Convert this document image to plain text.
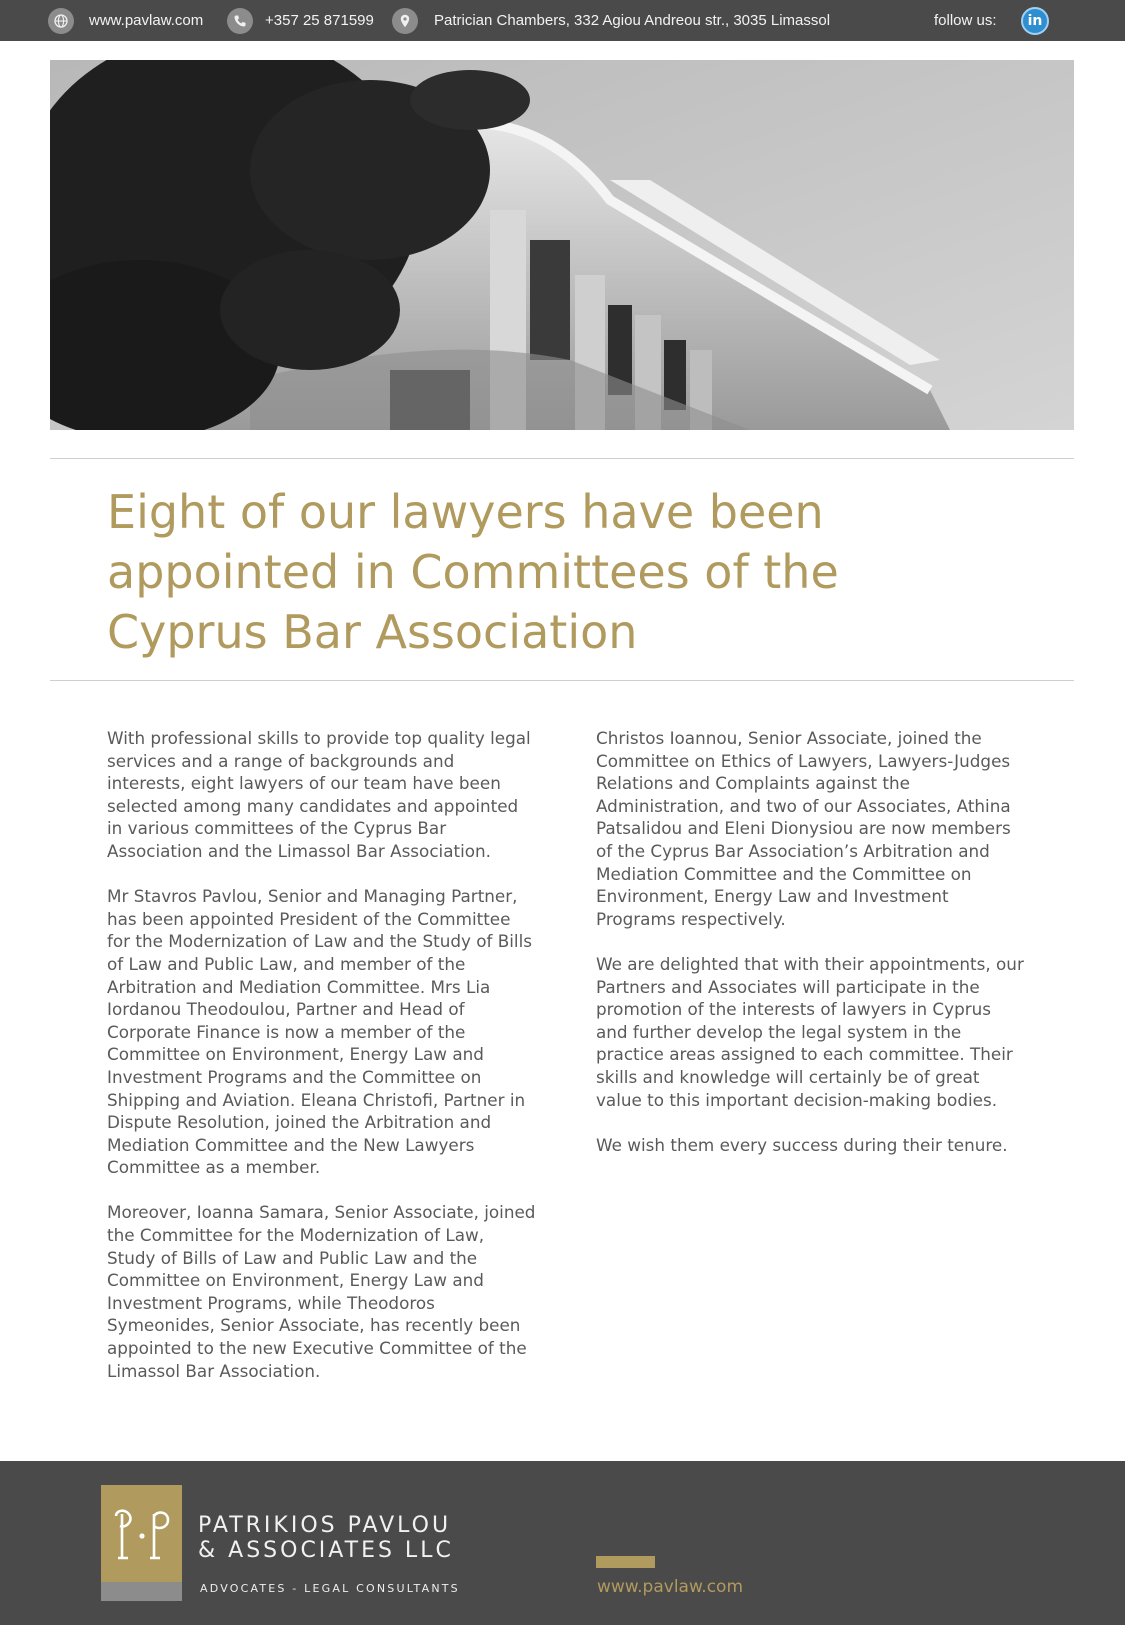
www.pavlaw.com	+357 25 871599	Patrician Chambers, 332 Agiou Andreou str., 3035 Limassol	follow us:	in
Eight of our lawyers have been
appointed in Committees of the
Cyprus Bar Association

With professional skills to provide top quality legal services and a range of backgrounds and interests, eight lawyers of our team have been selected among many candidates and appointed in various committees of the Cyprus Bar Association and the Limassol Bar Association.

Mr Stavros Pavlou, Senior and Managing Partner, has been appointed President of the Committee for the Modernization of Law and the Study of Bills of Law and Public Law, and member of the Arbitration and Mediation Committee. Mrs Lia Iordanou Theodoulou, Partner and Head of Corporate Finance is now a member of the Committee on Environment, Energy Law and Investment Programs and the Committee on Shipping and Aviation. Eleana Christofi, Partner in Dispute Resolution, joined the Arbitration and Mediation Committee and the New Lawyers Committee as a member.

Moreover, Ioanna Samara, Senior Associate, joined the Committee for the Modernization of Law, Study of Bills of Law and Public Law and the Committee on Environment, Energy Law and Investment Programs, while Theodoros Symeonides, Senior Associate, has recently been appointed to the new Executive Committee of the Limassol Bar Association.

Christos Ioannou, Senior Associate, joined the Committee on Ethics of Lawyers, Lawyers-Judges Relations and Complaints against the Administration, and two of our Associates, Athina Patsalidou and Eleni Dionysiou are now members of the Cyprus Bar Association’s Arbitration and Mediation Committee and the Committee on Environment, Energy Law and Investment Programs respectively.

We are delighted that with their appointments, our Partners and Associates will participate in the promotion of the interests of lawyers in Cyprus and further develop the legal system in the practice areas assigned to each committee. Their skills and knowledge will certainly be of great value to this important decision-making bodies.

We wish them every success during their tenure.

PATRIKIOS PAVLOU
& ASSOCIATES LLC
ADVOCATES - LEGAL CONSULTANTS	www.pavlaw.com
